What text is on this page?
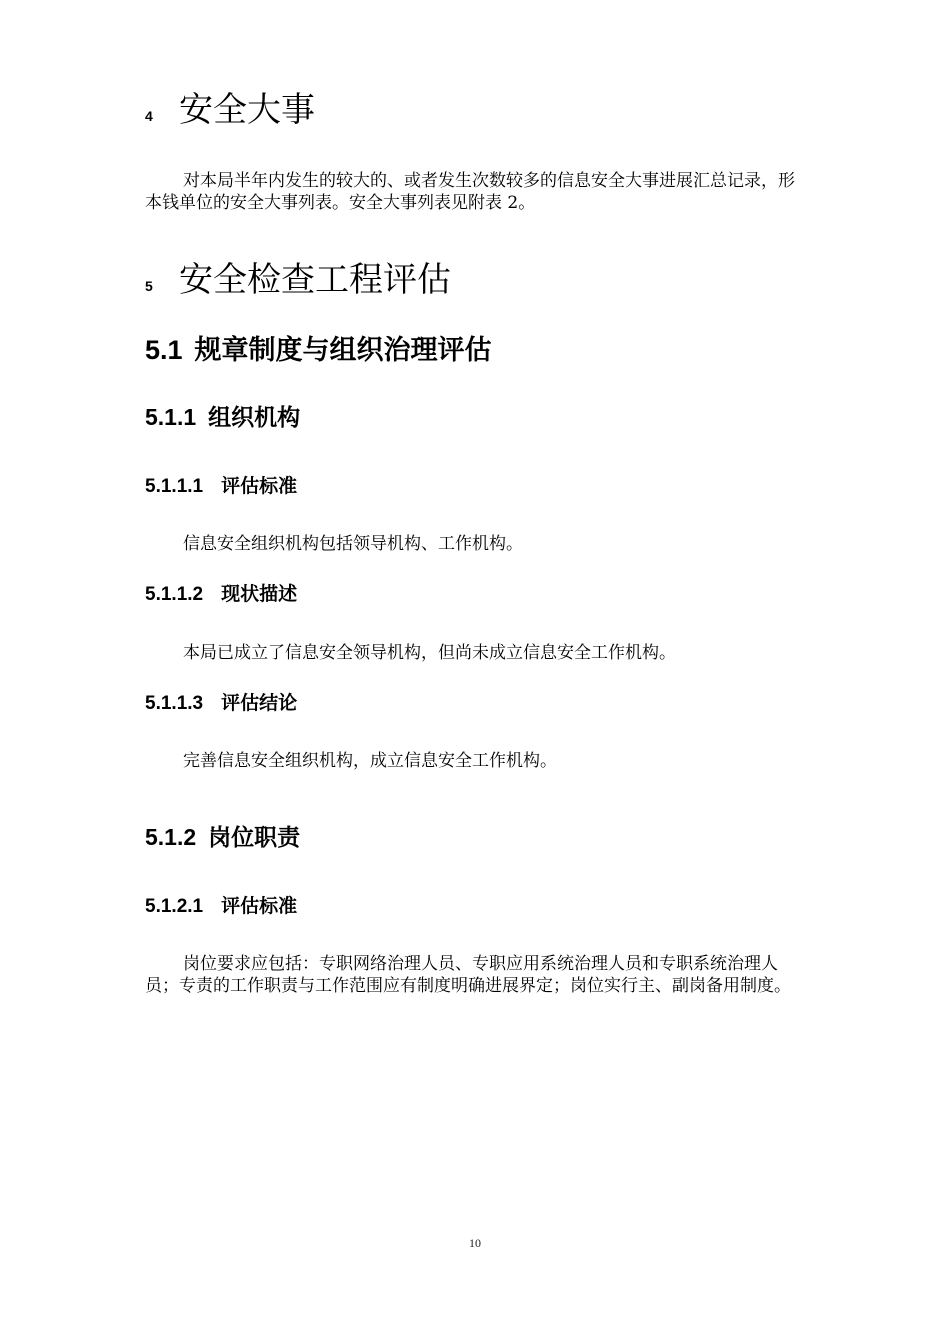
4 安全大事

对本局半年内发生的较大的、或者发生次数较多的信息安全大事进展汇总记录，形本钱单位的安全大事列表。安全大事列表见附表 2。

5 安全检查工程评估
5.1 规章制度与组织治理评估
5.1.1 组织机构
5.1.1.1 评估标准

信息安全组织机构包括领导机构、工作机构。

5.1.1.2 现状描述

本局已成立了信息安全领导机构，但尚未成立信息安全工作机构。

5.1.1.3 评估结论

完善信息安全组织机构，成立信息安全工作机构。

5.1.2 岗位职责
5.1.2.1 评估标准

岗位要求应包括：专职网络治理人员、专职应用系统治理人员和专职系统治理人员；专责的工作职责与工作范围应有制度明确进展界定；岗位实行主、副岗备用制度。

10
